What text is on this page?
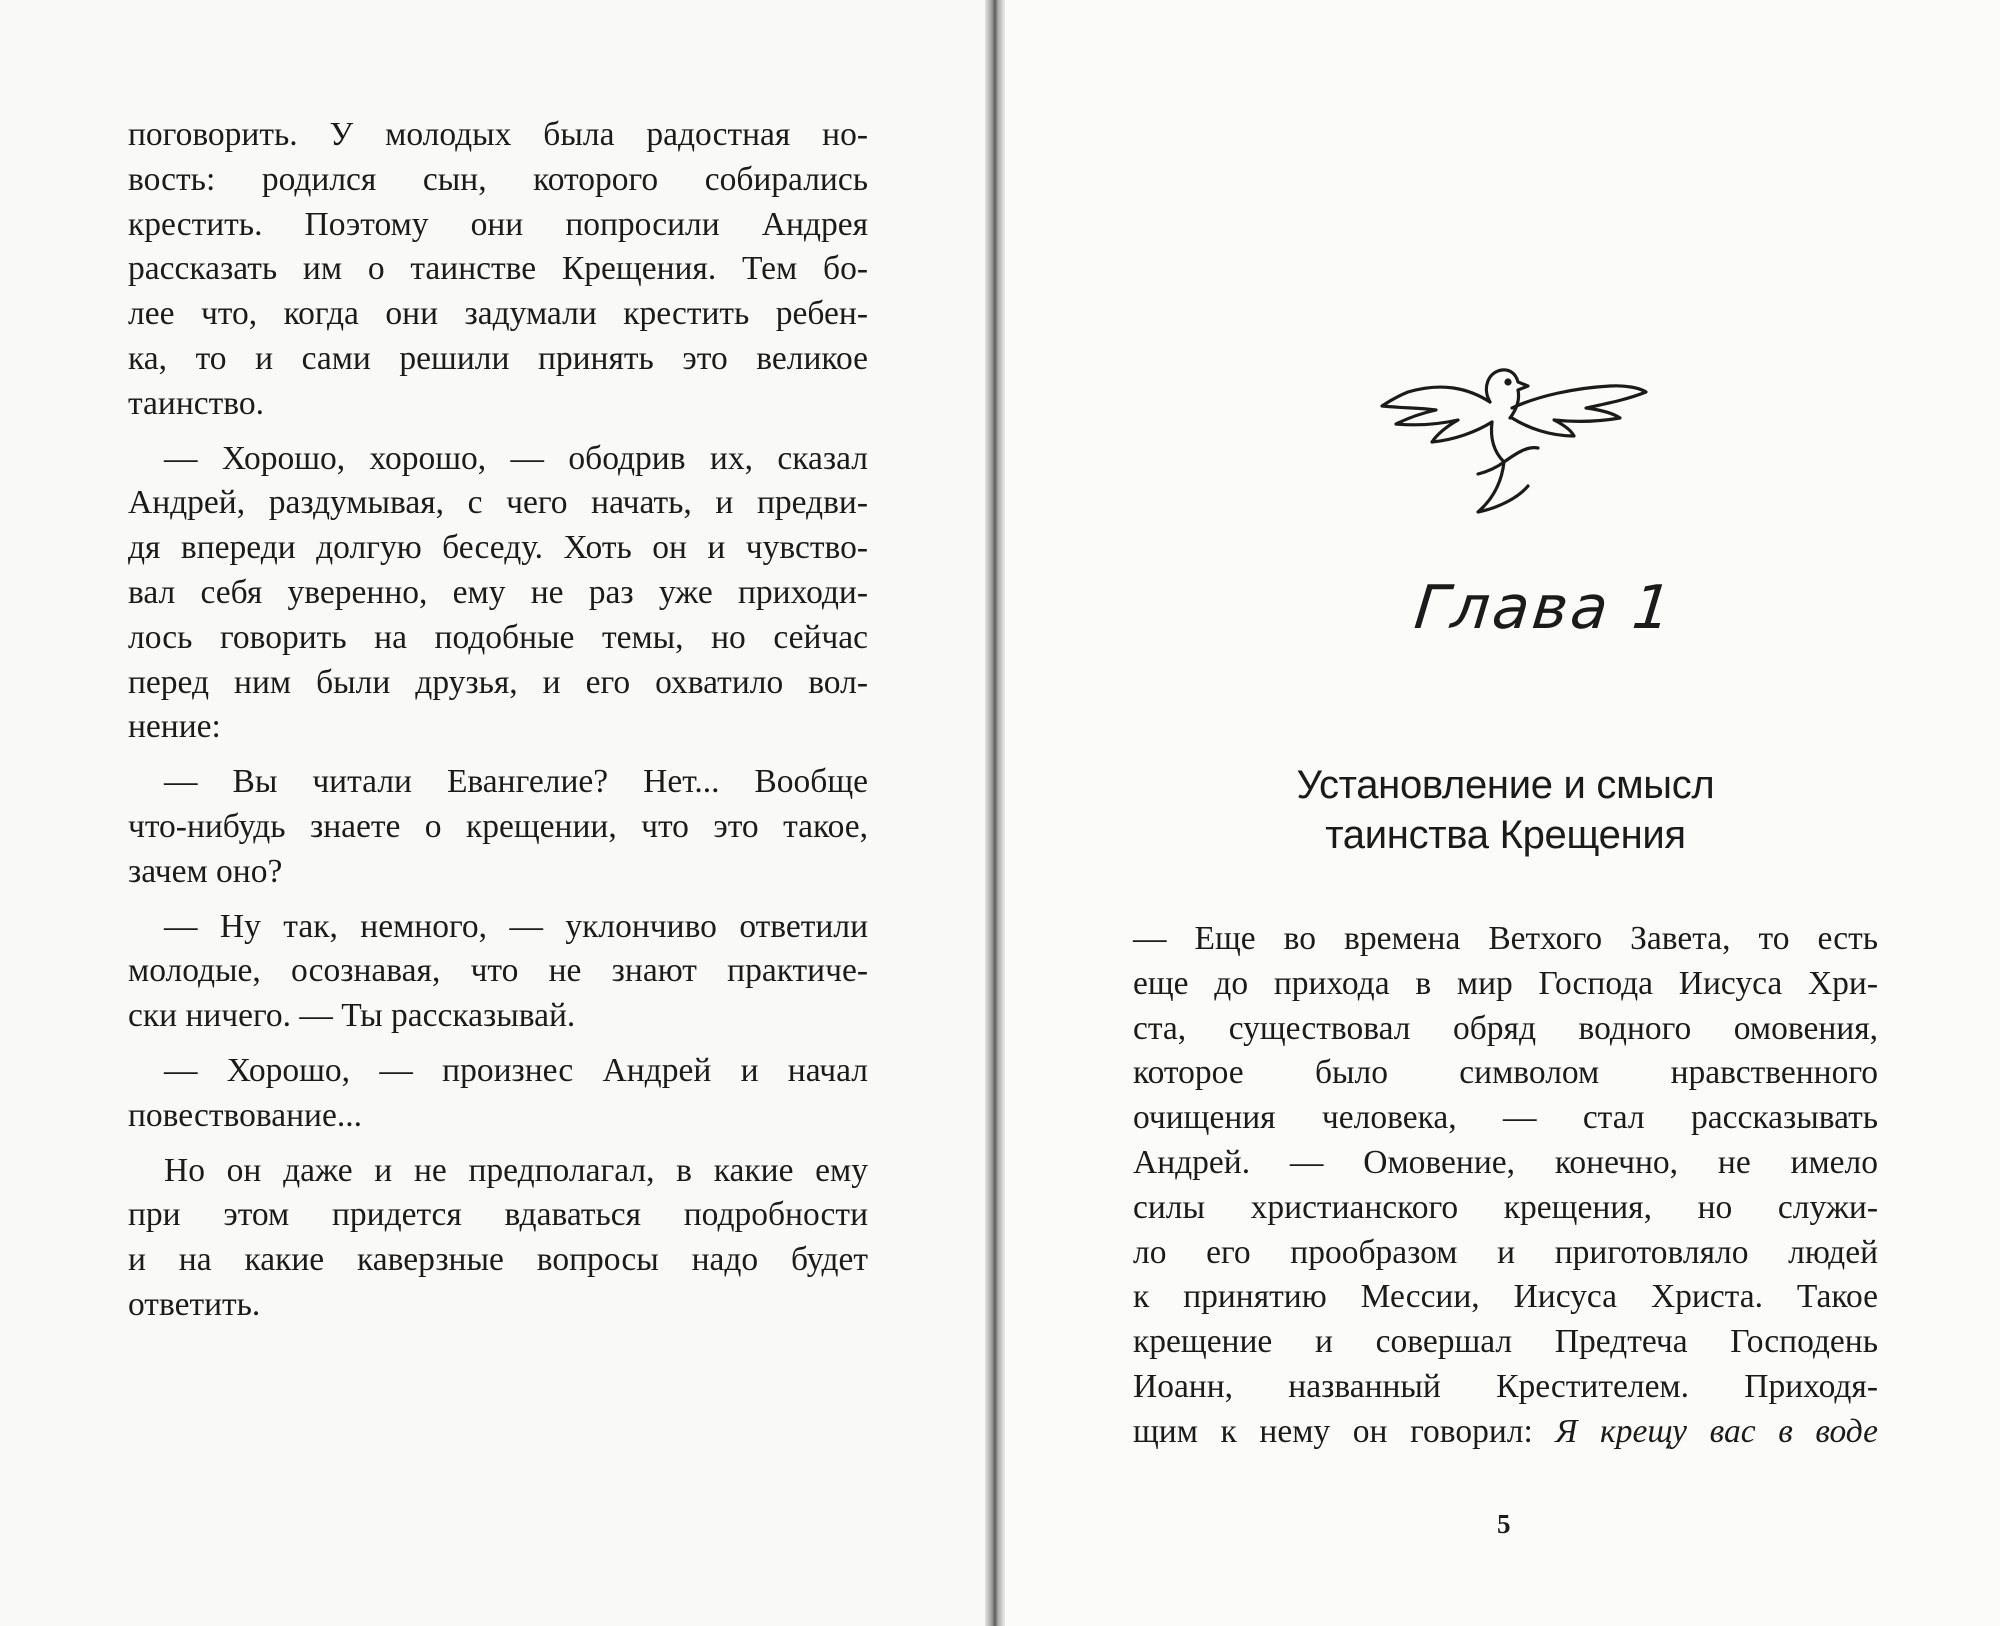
поговорить. У молодых была радостная но-
вость: родился сын, которого собирались
крестить. Поэтому они попросили Андрея
рассказать им о таинстве Крещения. Тем бо-
лее что, когда они задумали крестить ребен-
ка, то и сами решили принять это великое
таинство.
— Хорошо, хорошо, — ободрив их, сказал
Андрей, раздумывая, с чего начать, и предви-
дя впереди долгую беседу. Хоть он и чувство-
вал себя уверенно, ему не раз уже приходи-
лось говорить на подобные темы, но сейчас
перед ним были друзья, и его охватило вол-
нение:
— Вы читали Евангелие? Нет... Вообще
что-нибудь знаете о крещении, что это такое,
зачем оно?
— Ну так, немного, — уклончиво ответили
молодые, осознавая, что не знают практиче-
ски ничего. — Ты рассказывай.
— Хорошо, — произнес Андрей и начал
повествование...
Но он даже и не предполагал, в какие ему
при этом придется вдаваться подробности
и на какие каверзные вопросы надо будет
ответить.
Глава 1
Установление и смысл
таинства Крещения
— Еще во времена Ветхого Завета, то есть
еще до прихода в мир Господа Иисуса Хри-
ста, существовал обряд водного омовения,
которое было символом нравственного
очищения человека, — стал рассказывать
Андрей. — Омовение, конечно, не имело
силы христианского крещения, но служи-
ло его прообразом и приготовляло людей
к принятию Мессии, Иисуса Христа. Такое
крещение и совершал Предтеча Господень
Иоанн, названный Крестителем. Приходя-
щим к нему он говорил: Я крещу вас в воде
5
